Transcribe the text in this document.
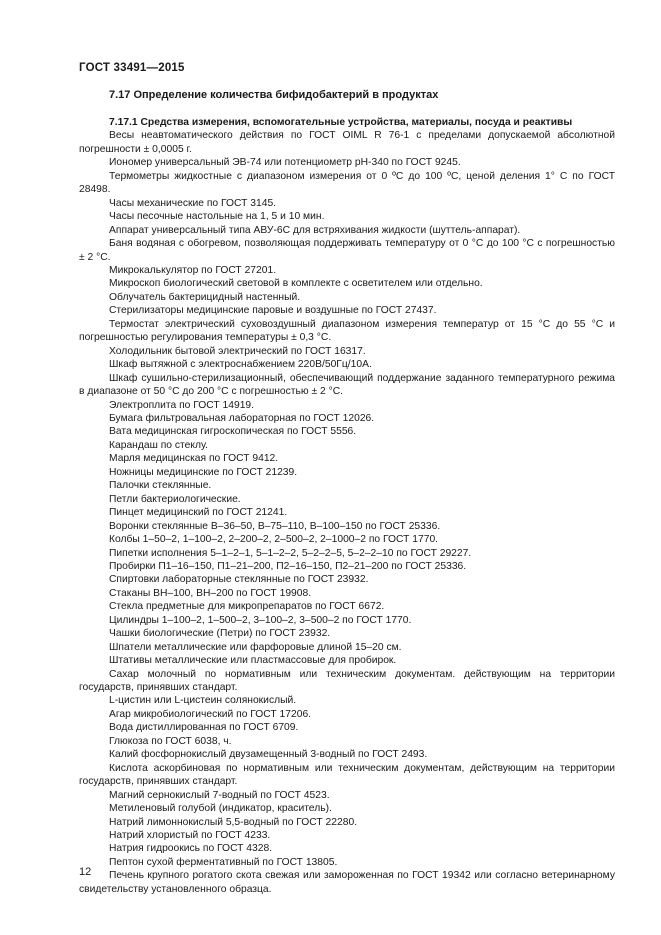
ГОСТ 33491—2015
7.17 Определение количества бифидобактерий в продуктах

7.17.1 Средства измерения, вспомогательные устройства, материалы, посуда и реактивы

Весы неавтоматического действия по ГОСТ OIML R 76-1 с пределами допускаемой абсолютной погрешности ± 0,0005 г.

Иономер универсальный ЭВ-74 или потенциометр рН-340 по ГОСТ 9245.

Термометры жидкостные с диапазоном измерения от 0 ºС до 100 ºС, ценой деления 1° С по ГОСТ 28498.

Часы механические по ГОСТ 3145.

Часы песочные настольные на 1, 5 и 10 мин.

Аппарат универсальный типа АВУ-6С для встряхивания жидкости (шуттель-аппарат).

Баня водяная с обогревом, позволяющая поддерживать температуру от 0 °С до 100 °С с погрешностью ± 2 °С.

Микрокалькулятор по ГОСТ 27201.

Микроскоп биологический световой в комплекте с осветителем или отдельно.

Облучатель бактерицидный настенный.

Стерилизаторы медицинские паровые и воздушные по ГОСТ 27437.

Термостат электрический суховоздушный диапазоном измерения температур от 15 °С до 55 °С и погрешностью регулирования температуры ± 0,3 °С.

Холодильник бытовой электрический по ГОСТ 16317.

Шкаф вытяжной с электроснабжением 220В/50Гц/10А.

Шкаф сушильно-стерилизационный, обеспечивающий поддержание заданного температурного режима в диапазоне от 50 °С до 200 °С с погрешностью ± 2 °С.

Электроплита по ГОСТ 14919.

Бумага фильтровальная лабораторная по ГОСТ 12026.

Вата медицинская гигроскопическая по ГОСТ 5556.

Карандаш по стеклу.

Марля медицинская по ГОСТ 9412.

Ножницы медицинские по ГОСТ 21239.

Палочки стеклянные.

Петли бактериологические.

Пинцет медицинский по ГОСТ 21241.

Воронки стеклянные В–36–50, В–75–110, В–100–150 по ГОСТ 25336.

Колбы 1–50–2, 1–100–2, 2–200–2, 2–500–2, 2–1000–2 по ГОСТ 1770.

Пипетки исполнения 5–1–2–1, 5–1–2–2, 5–2–2–5, 5–2–2–10 по ГОСТ 29227.

Пробирки П1–16–150, П1–21–200, П2–16–150, П2–21–200 по ГОСТ 25336.

Спиртовки лабораторные стеклянные по ГОСТ 23932.

Стаканы ВН–100, ВН–200 по ГОСТ 19908.

Стекла предметные для микропрепаратов по ГОСТ 6672.

Цилиндры 1–100–2, 1–500–2, 3–100–2, 3–500–2 по ГОСТ 1770.

Чашки биологические (Петри) по ГОСТ 23932.

Шпатели металлические или фарфоровые длиной 15–20 см.

Штативы металлические или пластмассовые для пробирок.

Сахар молочный по нормативным или техническим документам. действующим на территории государств, принявших стандарт.

L-цистин или L-цистеин солянокислый.

Агар микробиологический по ГОСТ 17206.

Вода дистиллированная по ГОСТ 6709.

Глюкоза по ГОСТ 6038, ч.

Калий фосфорнокислый двузамещенный 3-водный по ГОСТ 2493.

Кислота аскорбиновая по нормативным или техническим документам, действующим на территории государств, принявших стандарт.

Магний сернокислый 7-водный по ГОСТ 4523.

Метиленовый голубой (индикатор, краситель).

Натрий лимоннокислый 5,5-водный по ГОСТ 22280.

Натрий хлористый по ГОСТ 4233.

Натрия гидроокись по ГОСТ 4328.

Пептон сухой ферментативный по ГОСТ 13805.

Печень крупного рогатого скота свежая или замороженная по ГОСТ 19342 или согласно ветеринарному свидетельству установленного образца.

12
